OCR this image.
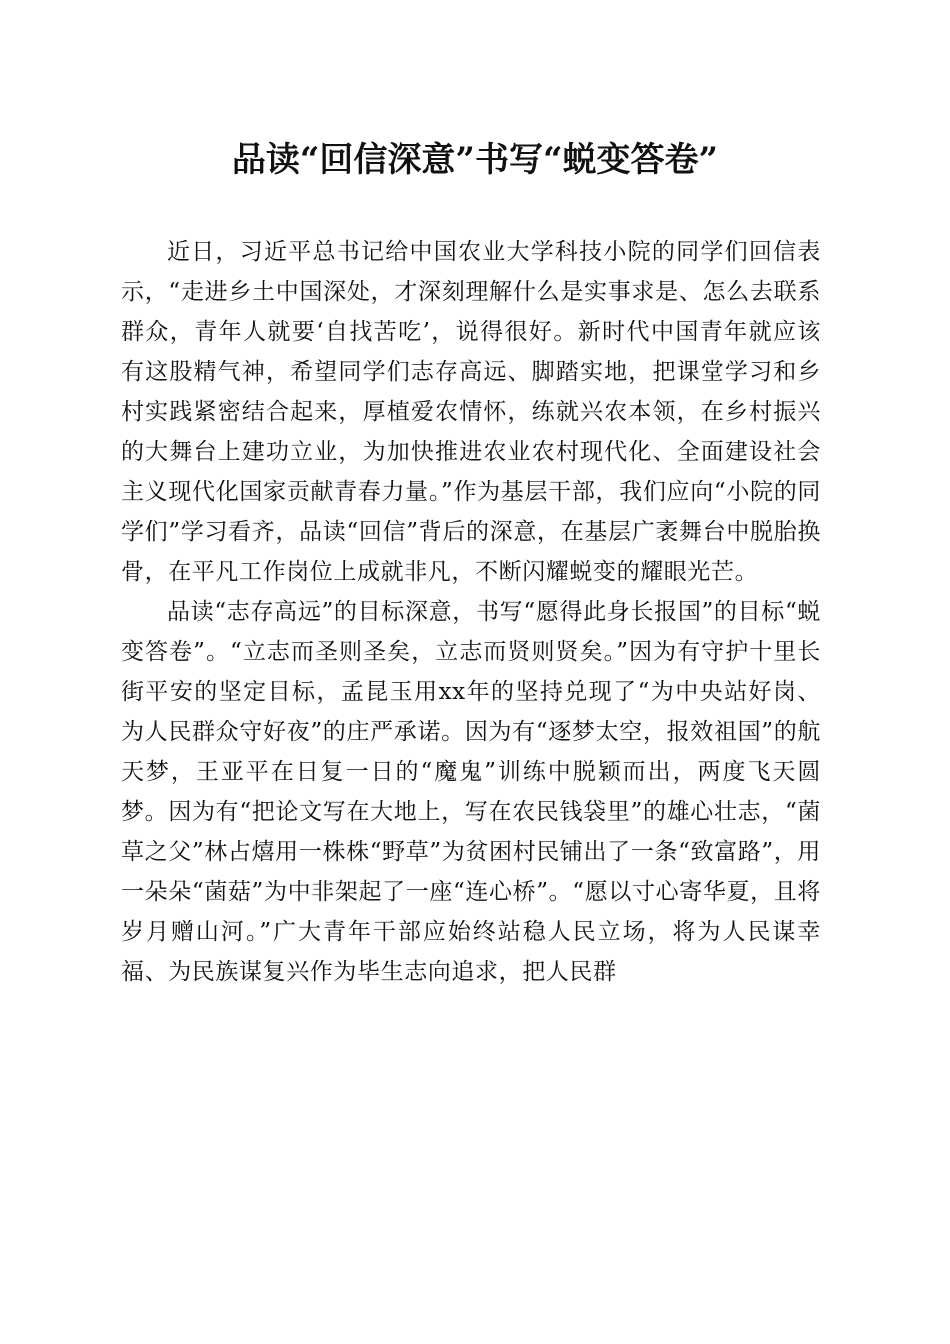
品读“回信深意”书写“蜕变答卷”

近日，习近平总书记给中国农业大学科技小院的同学们回信表示，“走进乡土中国深处，才深刻理解什么是实事求是、怎么去联系群众，青年人就要‘自找苦吃’，说得很好。新时代中国青年就应该有这股精气神，希望同学们志存高远、脚踏实地，把课堂学习和乡村实践紧密结合起来，厚植爱农情怀，练就兴农本领，在乡村振兴的大舞台上建功立业，为加快推进农业农村现代化、全面建设社会主义现代化国家贡献青春力量。”作为基层干部，我们应向“小院的同学们”学习看齐，品读“回信”背后的深意，在基层广袤舞台中脱胎换骨，在平凡工作岗位上成就非凡，不断闪耀蜕变的耀眼光芒。

品读“志存高远”的目标深意，书写“愿得此身长报国”的目标“蜕变答卷”。“立志而圣则圣矣，立志而贤则贤矣。”因为有守护十里长街平安的坚定目标，孟昆玉用xx年的坚持兑现了“为中央站好岗、为人民群众守好夜”的庄严承诺。因为有“逐梦太空，报效祖国”的航天梦，王亚平在日复一日的“魔鬼”训练中脱颖而出，两度飞天圆梦。因为有“把论文写在大地上，写在农民钱袋里”的雄心壮志，“菌草之父”林占熺用一株株“野草”为贫困村民铺出了一条“致富路”，用一朵朵“菌菇”为中非架起了一座“连心桥”。“愿以寸心寄华夏，且将岁月赠山河。”广大青年干部应始终站稳人民立场，将为人民谋幸福、为民族谋复兴作为毕生志向追求，把人民群
